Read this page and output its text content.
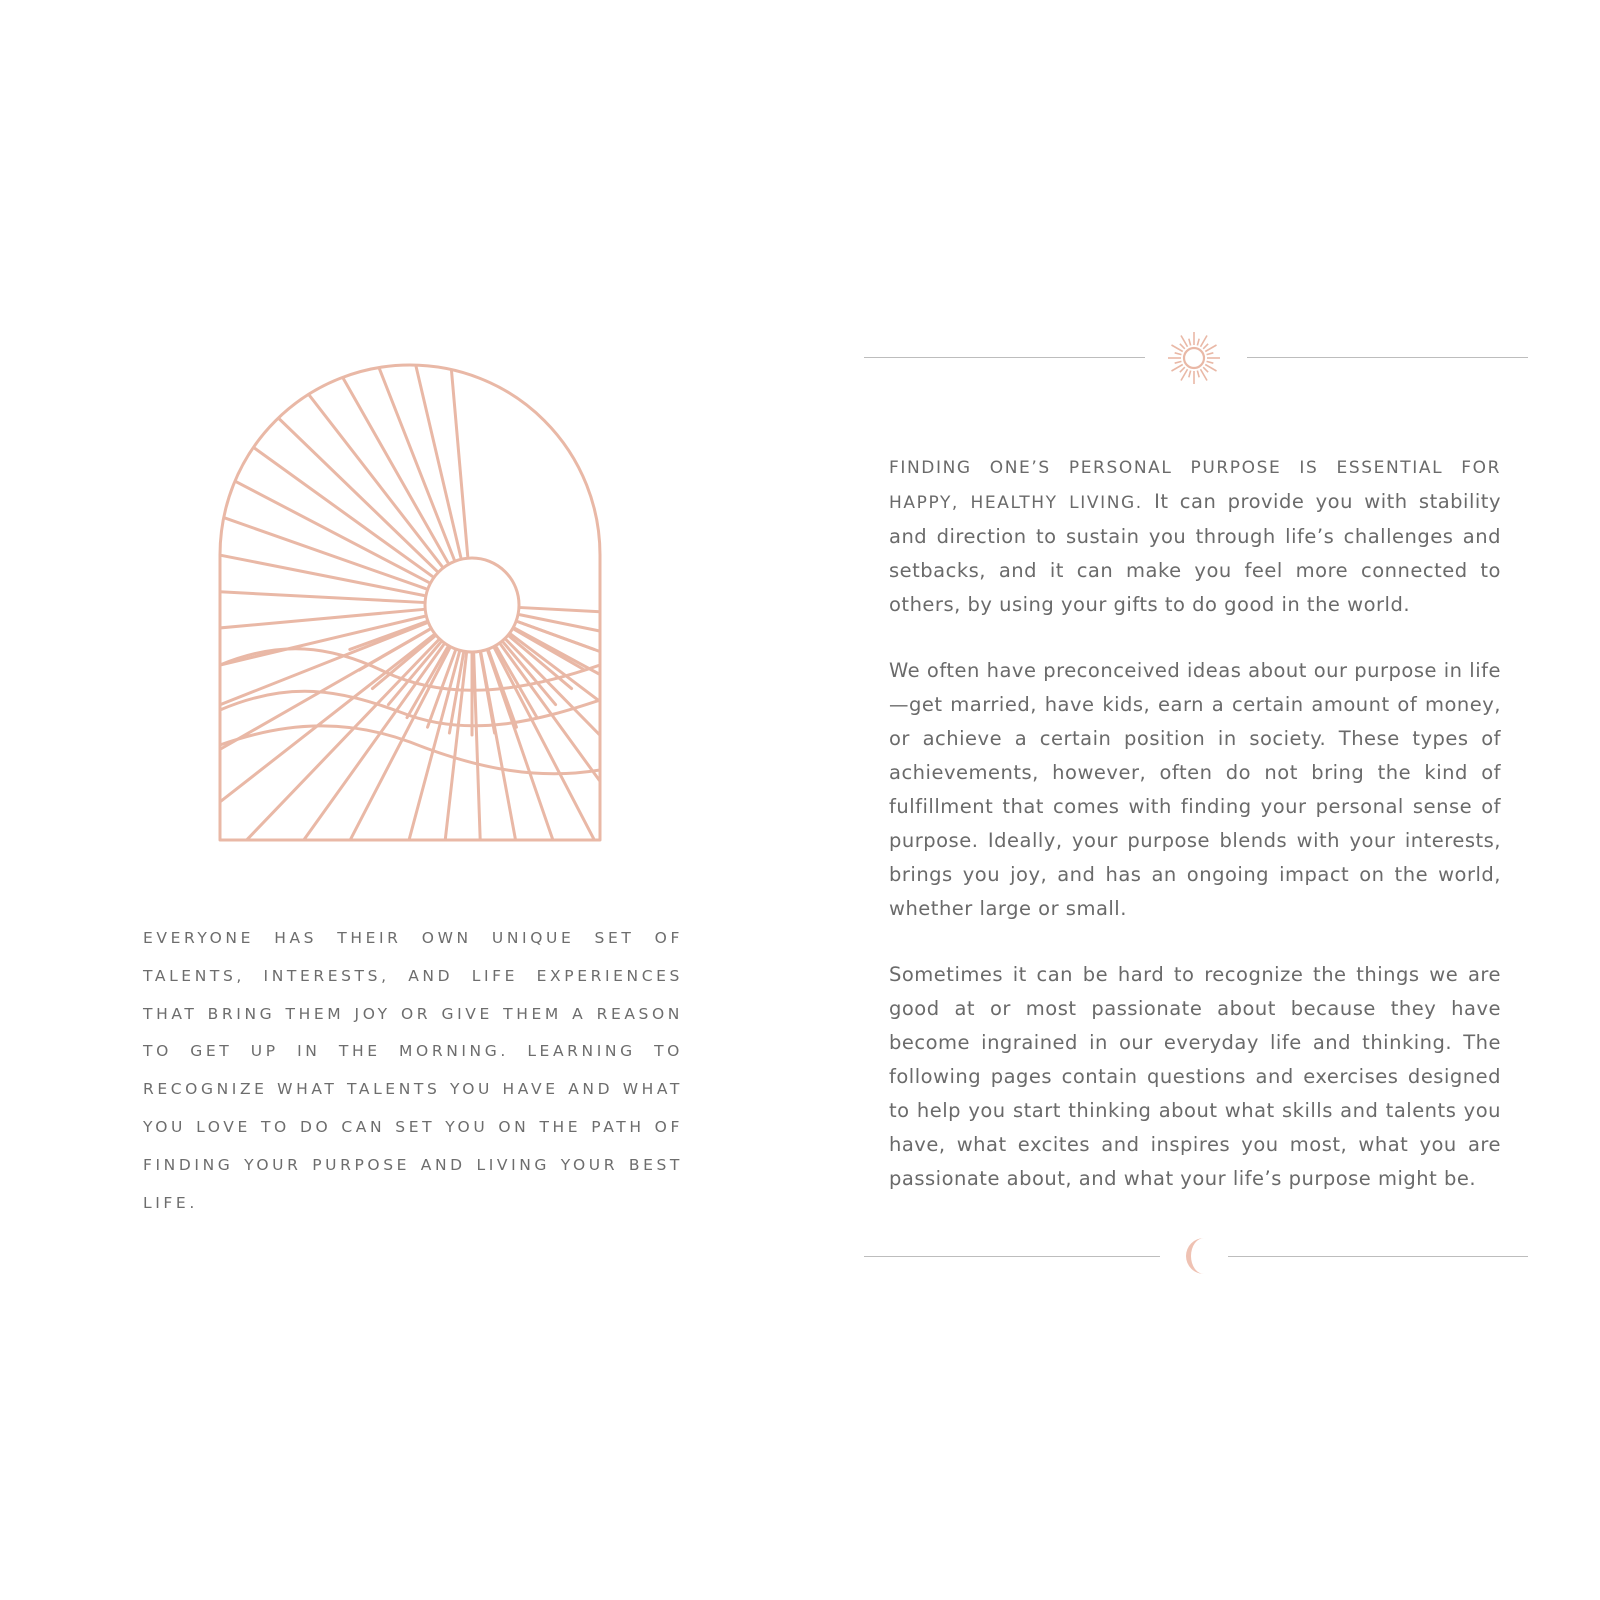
EVERYONE HAS THEIR OWN UNIQUE SET OF TALENTS, INTERESTS, AND LIFE EXPERIENCES THAT BRING THEM JOY OR GIVE THEM A REASON TO GET UP IN THE MORNING. LEARNING TO RECOGNIZE WHAT TALENTS YOU HAVE AND WHAT YOU LOVE TO DO CAN SET YOU ON THE PATH OF FINDING YOUR PURPOSE AND LIVING YOUR BEST LIFE.

FINDING ONE’S PERSONAL PURPOSE IS ESSENTIAL FOR HAPPY, HEALTHY LIVING. It can provide you with stability and direction to sustain you through life’s challenges and setbacks, and it can make you feel more connected to others, by using your gifts to do good in the world.

We often have preconceived ideas about our purpose in life—get married, have kids, earn a certain amount of money, or achieve a certain position in society. These types of achievements, however, often do not bring the kind of fulfillment that comes with finding your personal sense of purpose. Ideally, your purpose blends with your interests, brings you joy, and has an ongoing impact on the world, whether large or small.

Sometimes it can be hard to recognize the things we are good at or most passionate about because they have become ingrained in our everyday life and thinking. The following pages contain questions and exercises designed to help you start thinking about what skills and talents you have, what excites and inspires you most, what you are passionate about, and what your life’s purpose might be.
